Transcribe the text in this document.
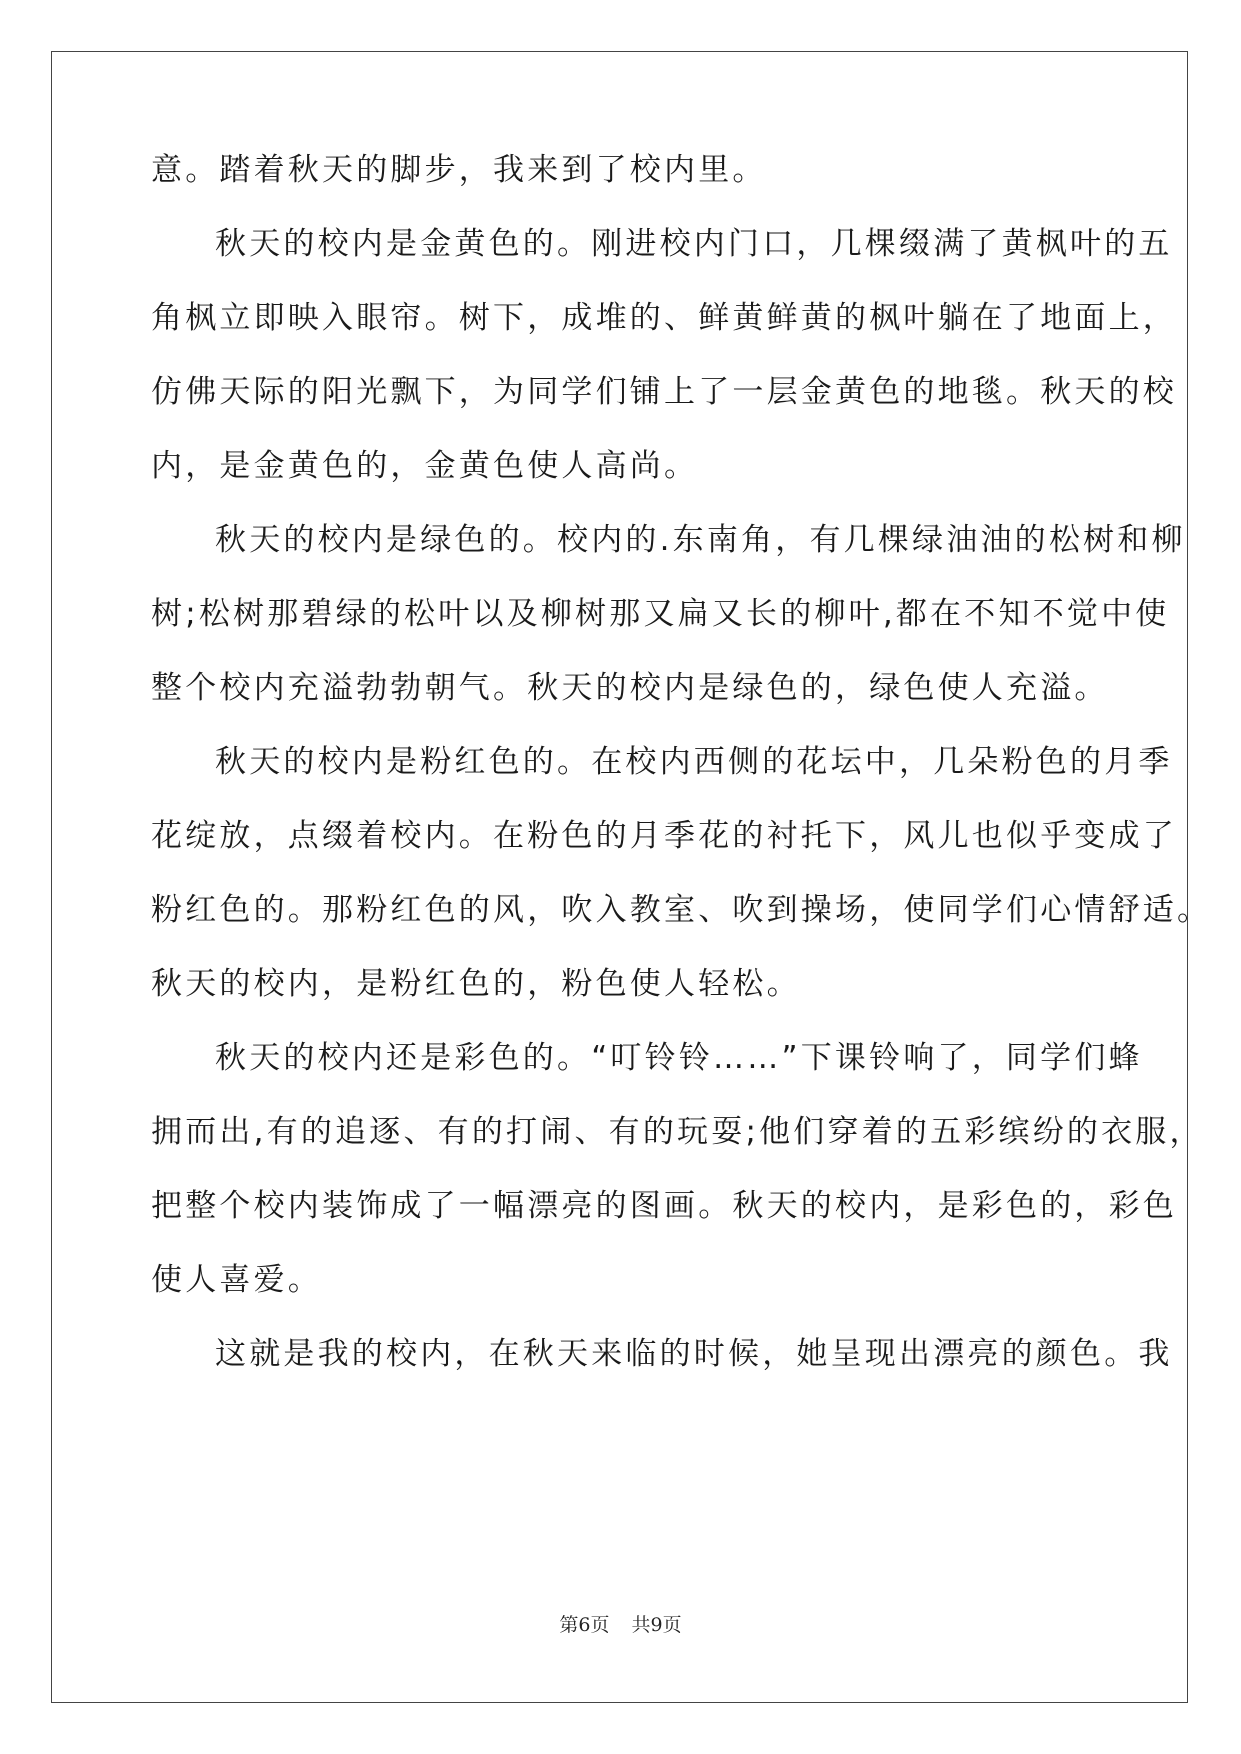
意。踏着秋天的脚步，我来到了校内里。
秋天的校内是金黄色的。刚进校内门口，几棵缀满了黄枫叶的五
角枫立即映入眼帘。树下，成堆的、鲜黄鲜黄的枫叶躺在了地面上，
仿佛天际的阳光飘下，为同学们铺上了一层金黄色的地毯。秋天的校
内，是金黄色的，金黄色使人高尚。
秋天的校内是绿色的。校内的.东南角，有几棵绿油油的松树和柳
树;松树那碧绿的松叶以及柳树那又扁又长的柳叶,都在不知不觉中使
整个校内充溢勃勃朝气。秋天的校内是绿色的，绿色使人充溢。
秋天的校内是粉红色的。在校内西侧的花坛中，几朵粉色的月季
花绽放，点缀着校内。在粉色的月季花的衬托下，风儿也似乎变成了
粉红色的。那粉红色的风，吹入教室、吹到操场，使同学们心情舒适。
秋天的校内，是粉红色的，粉色使人轻松。
秋天的校内还是彩色的。“叮铃铃……”下课铃响了，同学们蜂
拥而出,有的追逐、有的打闹、有的玩耍;他们穿着的五彩缤纷的衣服，
把整个校内装饰成了一幅漂亮的图画。秋天的校内，是彩色的，彩色
使人喜爱。
这就是我的校内，在秋天来临的时候，她呈现出漂亮的颜色。我
第6页 共9页
